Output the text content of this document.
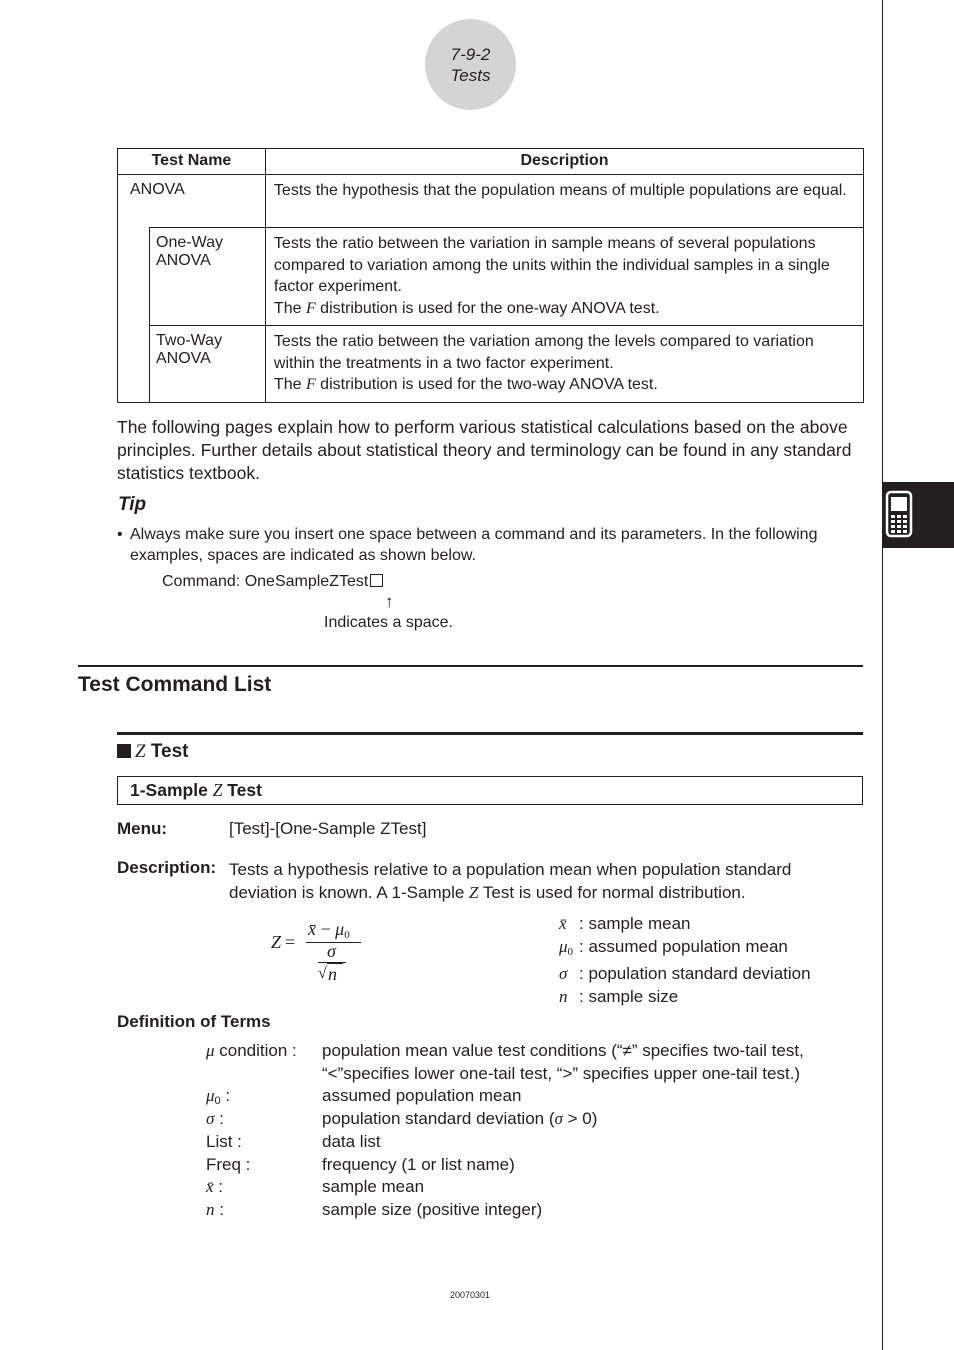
7-9-2
Tests
Test Name		Description
ANOVA		Tests the hypothesis that the population means of multiple populations are equal.
	One-Way ANOVA	Tests the ratio between the variation in sample means of several populations compared to variation among the units within the individual samples in a single factor experiment.
The F distribution is used for the one-way ANOVA test.
	Two-Way ANOVA	Tests the ratio between the variation among the levels compared to variation within the treatments in a two factor experiment.
The F distribution is used for the two-way ANOVA test.
The following pages explain how to perform various statistical calculations based on the above principles. Further details about statistical theory and terminology can be found in any standard statistics textbook.
Tip
• Always make sure you insert one space between a command and its parameters. In the following examples, spaces are indicated as shown below.
Command: OneSampleZTest
↑
Indicates a space.
Test Command List
Z Test
1-Sample Z Test
Menu:	[Test]-[One-Sample ZTest]
Description: Tests a hypothesis relative to a population mean when population standard deviation is known. A 1-Sample Z Test is used for normal distribution.
Z =
x̄ − μ0
σ
√ n
x̄ : sample mean
μ0 : assumed population mean
σ : population standard deviation
n : sample size
Definition of Terms
μ condition :	population mean value test conditions (“≠” specifies two-tail test, “<”specifies lower one-tail test, “>” specifies upper one-tail test.)
μ0 :	assumed population mean
σ :	population standard deviation (σ > 0)
List :	data list
Freq :	frequency (1 or list name)
x̄ :	sample mean
n :	sample size (positive integer)
20070301
